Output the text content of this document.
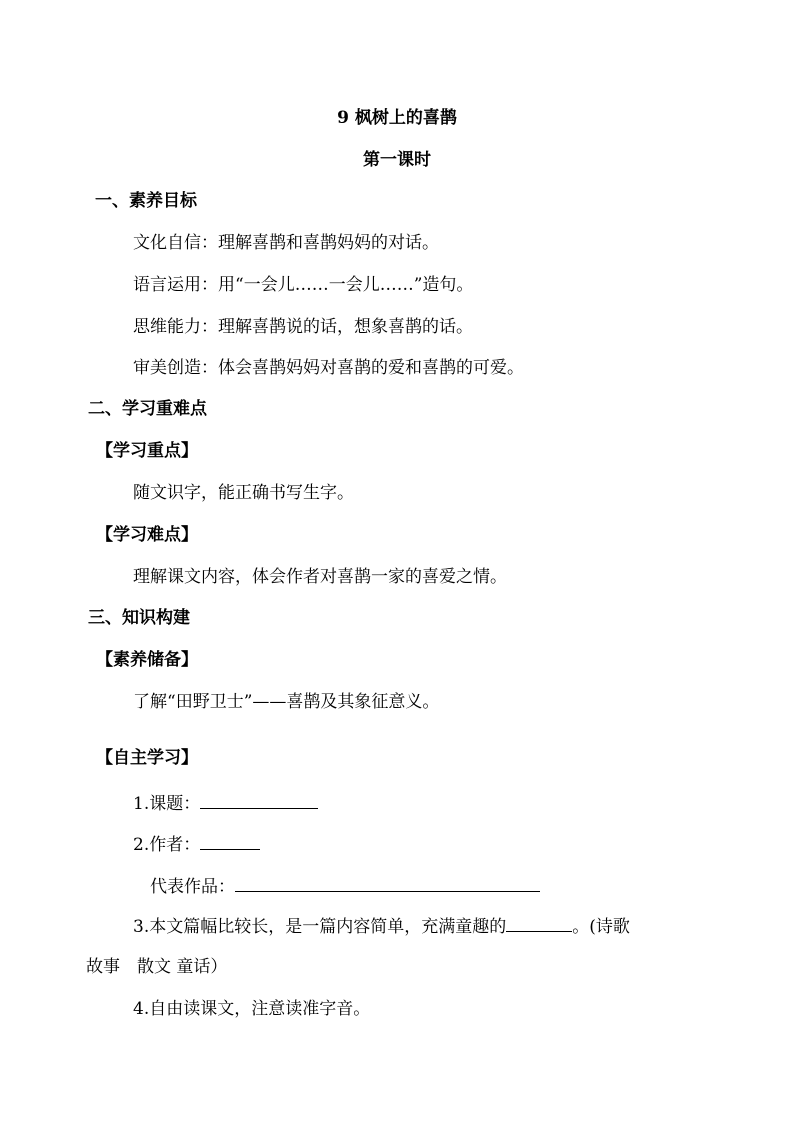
9 枫树上的喜鹊
第一课时
一、素养目标
文化自信：理解喜鹊和喜鹊妈妈的对话。
语言运用：用“一会儿……一会儿……”造句。
思维能力：理解喜鹊说的话，想象喜鹊的话。
审美创造：体会喜鹊妈妈对喜鹊的爱和喜鹊的可爱。
二、学习重难点
【学习重点】
随文识字，能正确书写生字。
【学习难点】
理解课文内容，体会作者对喜鹊一家的喜爱之情。
三、知识构建
【素养储备】
了解“田野卫士”——喜鹊及其象征意义。
【自主学习】
1.课题：
2.作者：
代表作品：
3.本文篇幅比较长，是一篇内容简单，充满童趣的	。(诗歌
故事　散文 童话）
4.自由读课文，注意读准字音。
